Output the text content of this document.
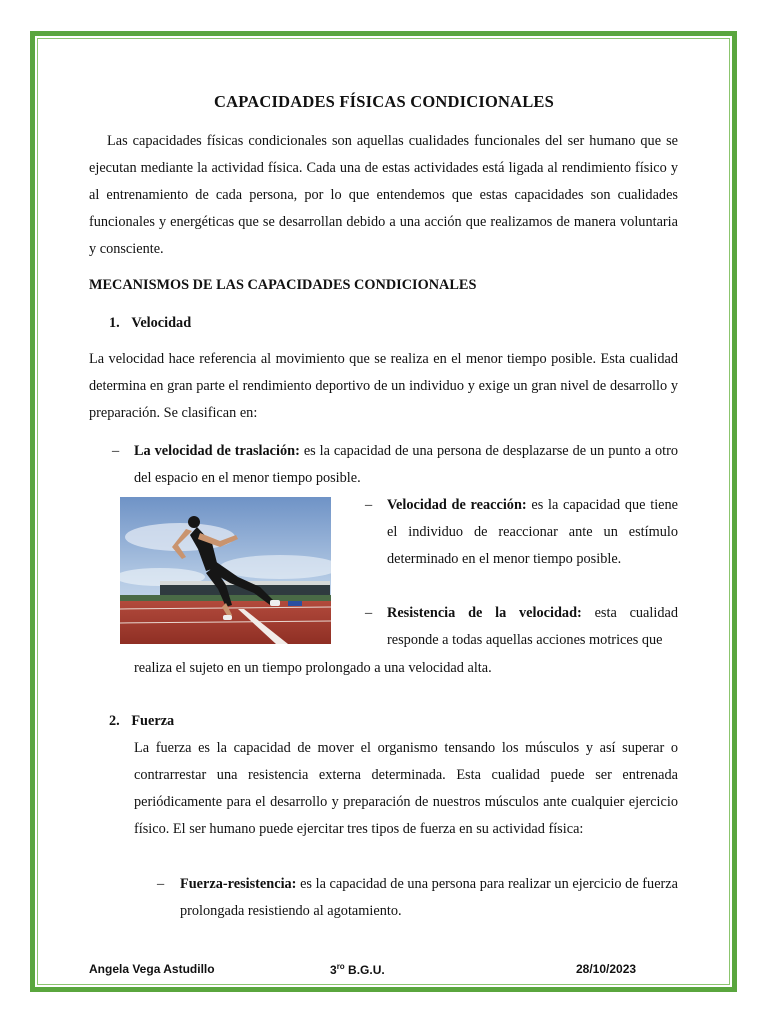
CAPACIDADES FÍSICAS CONDICIONALES
Las capacidades físicas condicionales son aquellas cualidades funcionales del ser humano que se ejecutan mediante la actividad física. Cada una de estas actividades está ligada al rendimiento físico y al entrenamiento de cada persona, por lo que entendemos que estas capacidades son cualidades funcionales y energéticas que se desarrollan debido a una acción que realizamos de manera voluntaria y consciente.
MECANISMOS DE LAS CAPACIDADES CONDICIONALES
1. Velocidad
La velocidad hace referencia al movimiento que se realiza en el menor tiempo posible. Esta cualidad determina en gran parte el rendimiento deportivo de un individuo y exige un gran nivel de desarrollo y preparación. Se clasifican en:
– La velocidad de traslación: es la capacidad de una persona de desplazarse de un punto a otro del espacio en el menor tiempo posible.
– Velocidad de reacción: es la capacidad que tiene el individuo de reaccionar ante un estímulo determinado en el menor tiempo posible.
– Resistencia de la velocidad: esta cualidad responde a todas aquellas acciones motrices que
realiza el sujeto en un tiempo prolongado a una velocidad alta.
2. Fuerza
La fuerza es la capacidad de mover el organismo tensando los músculos y así superar o contrarrestar una resistencia externa determinada. Esta cualidad puede ser entrenada periódicamente para el desarrollo y preparación de nuestros músculos ante cualquier ejercicio físico. El ser humano puede ejercitar tres tipos de fuerza en su actividad física:
– Fuerza-resistencia: es la capacidad de una persona para realizar un ejercicio de fuerza prolongada resistiendo al agotamiento.
Angela Vega Astudillo	$3^{ro}$ B.G.U.	28/10/2023
